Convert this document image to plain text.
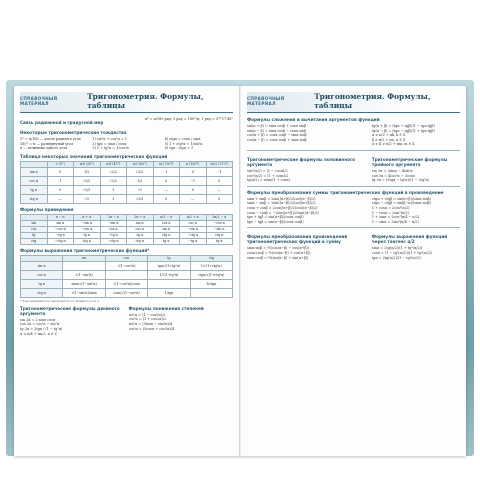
СПРАВОЧНЫЙ МАТЕРИАЛ
Тригонометрия. Формулы, таблицы
Связь радианной и градусной мер
π° = π/180 рад; 1 рад = 180°/π; 1 рад ≈ 57°17'45"
Некоторые тригонометрические тождества
1° = π/180 — число радиан в угле
180° = π — развёрнутый угол
α — величина одного угла
1) sin²α + cos²α = 1
2) tgα = sinα / cosα
3) 1 + tg²α = 1/cos²α
4) ctgα = cosα / sinα
5) 1 + ctg²α = 1/sin²α
6) tgα · ctgα = 1
Таблица некоторых значений тригонометрических функций
	0 (0°)	π/6 (30°)	π/4 (45°)	π/3 (60°)	π/2 (90°)	π (180°)	3π/2 (270°)
sin α	0	1/2	√2/2	√3/2	1	0	−1
cos α	1	√3/2	√2/2	1/2	0	−1	0
tg α	0	√3/3	1	√3	—	0	—
ctg α	—	√3	1	√3/3	0	—	0
Формулы приведения
	π − α	π + α	2π − α	2π + α	π/2 − α	π/2 + α	3π/2 − α
sin	sin α	−sin α	−sin α	sin α	cos α	cos α	−cos α
cos	−cos α	−cos α	cos α	cos α	sin α	−sin α	−sin α
tg	−tg α	tg α	−tg α	tg α	ctg α	−ctg α	ctg α
ctg	−ctg α	ctg α	−ctg α	ctg α	tg α	−tg α	tg α
Формулы выражения тригонометрических функций*
	sin	cos	tg	ctg
sin α		√(1−cos²α)	tgα/√(1+tg²α)	1/√(1+ctg²α)
cos α	√(1−sin²α)		1/√(1+tg²α)	ctgα/√(1+ctg²α)
tg α	sinα/√(1−sin²α)	√(1−cos²α)/cosα		1/ctgα
ctg α	√(1−sin²α)/sinα	cosα/√(1−cos²α)	1/tgα	
* Знак выбирается в зависимости от четверти угла α
Тригонометрические формулы двойного аргумента
sin 2α = 2 sinα cosα
cos 2α = cos²α − sin²α
tg 2α = 2tgα / (1 − tg²α)
α ≠ π/4 + πn/2, n ∈ Z
Формулы понижения степеней
sin²α = (1 − cos2α)/2
cos²α = (1 + cos2α)/2
sin³α = (3sinα − sin3α)/4
cos³α = (3cosα + cos3α)/4
СПРАВОЧНЫЙ МАТЕРИАЛ
Тригонометрия. Формулы, таблицы
Формулы сложения и вычитания аргументов функций
sin(α + β) = sinα cosβ + cosα sinβ
sin(α − β) = sinα cosβ − cosα sinβ
cos(α + β) = cosα cosβ − sinα sinβ
cos(α − β) = cosα cosβ + sinα sinβ
tg(α + β) = (tgα + tgβ)/(1 − tgα·tgβ)
tg(α − β) = (tgα − tgβ)/(1 + tgα·tgβ)
α ≠ π/2 + πk, k ∈ Z
β ≠ π/2 + πn, n ∈ Z
α ± β ≠ π/2 + πm, m ∈ Z
Тригонометрические формулы половинного аргумента
sin²(α/2) = (1 − cosα)/2
cos²(α/2) = (1 + cosα)/2
tg(α/2) = sinα/(1 + cosα)
Тригонометрические формулы тройного аргумента
sin 3α = 3sinα − 4sin³α
cos 3α = 4cos³α − 3cosα
tg 3α = (3tgα − tg³α)/(1 − 3tg²α)
Формулы преобразования суммы тригонометрических функций в произведение
sinα + sinβ = 2sin((α+β)/2)cos((α−β)/2)
sinα − sinβ = 2sin((α−β)/2)cos((α+β)/2)
cosα + cosβ = 2cos((α+β)/2)cos((α−β)/2)
cosα − cosβ = −2sin((α+β)/2)sin((α−β)/2)
tgα + tgβ = sin(α+β)/(cosα cosβ)
tgα − tgβ = sin(α−β)/(cosα cosβ)
ctgα + ctgβ = sin(α+β)/(sinα sinβ)
ctgα − ctgβ = sin(β−α)/(sinα sinβ)
1 + cosα = 2cos²(α/2)
1 − cosα = 2sin²(α/2)
1 + sinα = 2cos²(π/4 − α/2)
1 − sinα = 2sin²(π/4 − α/2)
Формулы преобразования произведений тригонометрических функций в сумму
sinα·sinβ = ½(cos(α−β) − cos(α+β))
cosα·cosβ = ½(cos(α−β) + cos(α+β))
sinα·cosβ = ½(sin(α−β) + sin(α+β))
Формулы выражения функций через тангенс α/2
sinα = 2tg(α/2)/(1 + tg²(α/2))
cosα = (1 − tg²(α/2))/(1 + tg²(α/2))
tgα = 2tg(α/2)/(1 − tg²(α/2))
